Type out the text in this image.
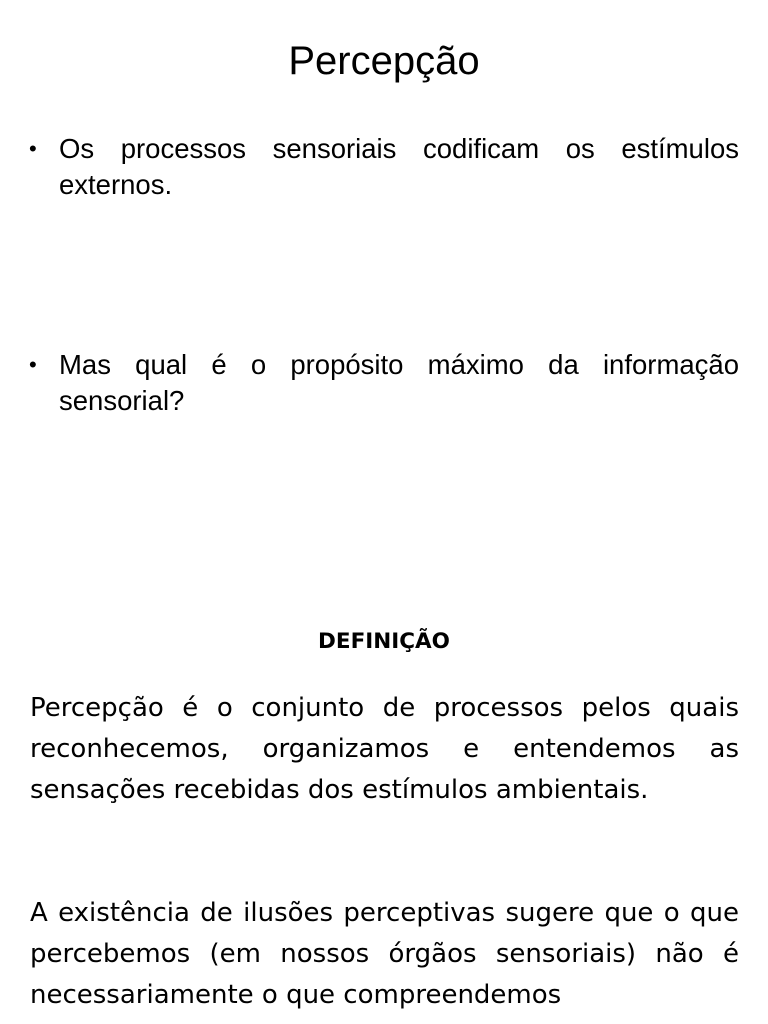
Percepção
• Os processos sensoriais codificam os estímulos externos.
• Mas qual é o propósito máximo da informação sensorial?
DEFINIÇÃO

Percepção é o conjunto de processos pelos quais reconhecemos, organizamos e entendemos as sensações recebidas dos estímulos ambientais.

A existência de ilusões perceptivas sugere que o que percebemos (em nossos órgãos sensoriais) não é necessariamente o que compreendemos
